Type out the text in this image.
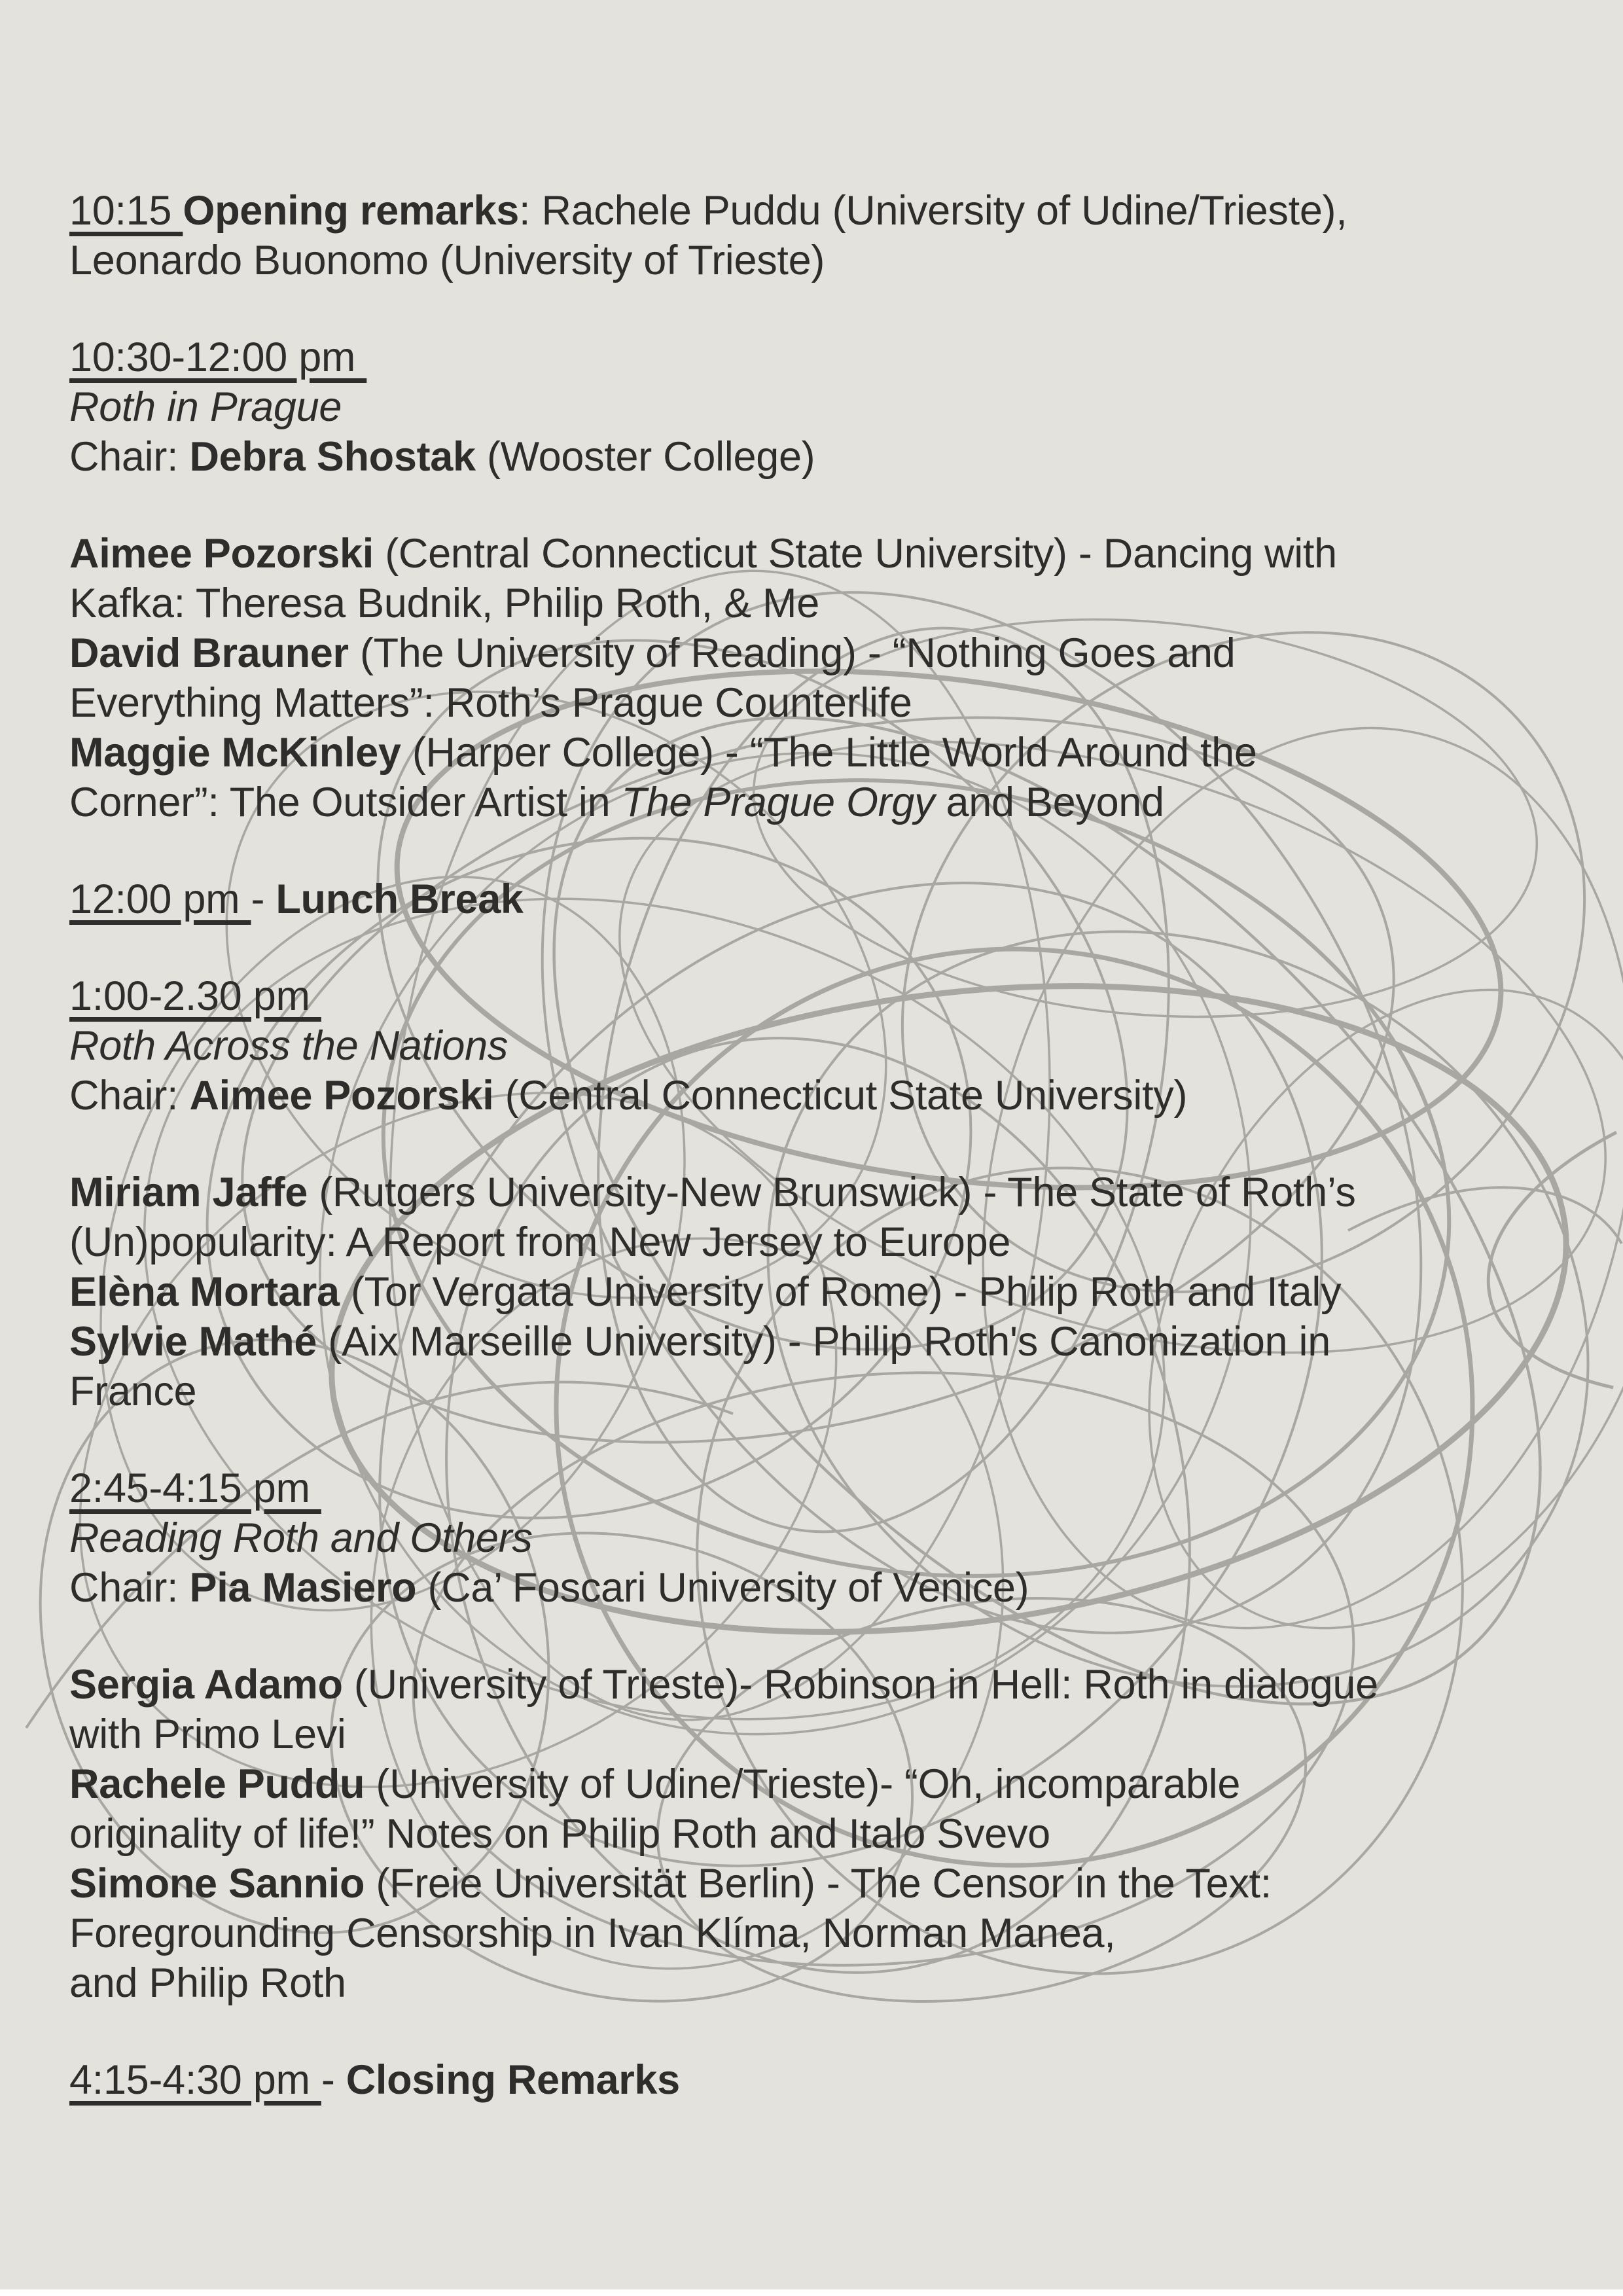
10:15 Opening remarks: Rachele Puddu (University of Udine/Trieste),
Leonardo Buonomo (University of Trieste)
10:30-12:00 pm
Roth in Prague
Chair: Debra Shostak (Wooster College)
Aimee Pozorski (Central Connecticut State University) - Dancing with
Kafka: Theresa Budnik, Philip Roth, & Me
David Brauner (The University of Reading) - “Nothing Goes and
Everything Matters”: Roth’s Prague Counterlife
Maggie McKinley (Harper College) - “The Little World Around the
Corner”: The Outsider Artist in The Prague Orgy and Beyond
12:00 pm - Lunch Break
1:00-2.30 pm
Roth Across the Nations
Chair: Aimee Pozorski (Central Connecticut State University)
Miriam Jaffe (Rutgers University-New Brunswick) - The State of Roth’s
(Un)popularity: A Report from New Jersey to Europe
Elèna Mortara (Tor Vergata University of Rome) - Philip Roth and Italy
Sylvie Mathé (Aix Marseille University) - Philip Roth's Canonization in
France
2:45-4:15 pm
Reading Roth and Others
Chair: Pia Masiero (Ca’ Foscari University of Venice)
Sergia Adamo (University of Trieste)- Robinson in Hell: Roth in dialogue
with Primo Levi
Rachele Puddu (University of Udine/Trieste)- “Oh, incomparable
originality of life!” Notes on Philip Roth and Italo Svevo
Simone Sannio (Freie Universität Berlin) - The Censor in the Text:
Foregrounding Censorship in Ivan Klíma, Norman Manea,
and Philip Roth
4:15-4:30 pm - Closing Remarks
